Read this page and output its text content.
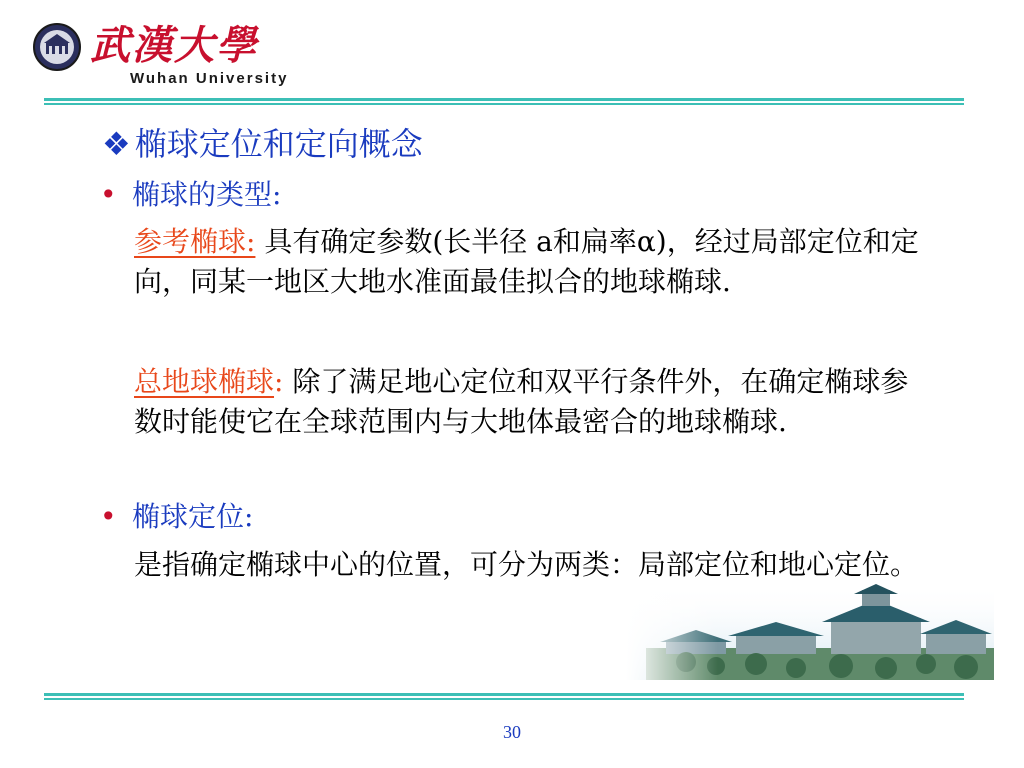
武漢大學
Wuhan University
❖ 椭球定位和定向概念
• 椭球的类型:
参考椭球: 具有确定参数(长半径 a和扁率α)，经过局部定位和定向，同某一地区大地水准面最佳拟合的地球椭球.
总地球椭球: 除了满足地心定位和双平行条件外，在确定椭球参数时能使它在全球范围内与大地体最密合的地球椭球.
• 椭球定位:
是指确定椭球中心的位置，可分为两类：局部定位和地心定位。
30
